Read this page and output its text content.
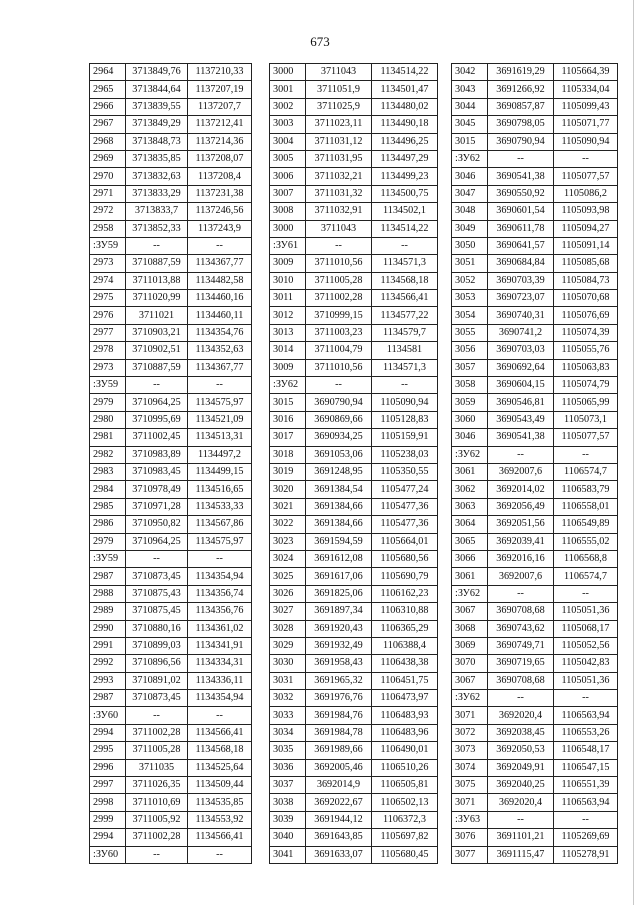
673
2964	3713849,76	1137210,33
2965	3713844,64	1137207,19
2966	3713839,55	1137207,7
2967	3713849,29	1137212,41
2968	3713848,73	1137214,36
2969	3713835,85	1137208,07
2970	3713832,63	1137208,4
2971	3713833,29	1137231,38
2972	3713833,7	1137246,56
2958	3713852,33	1137243,9
:ЗУ59	--	--
2973	3710887,59	1134367,77
2974	3711013,88	1134482,58
2975	3711020,99	1134460,16
2976	3711021	1134460,11
2977	3710903,21	1134354,76
2978	3710902,51	1134352,63
2973	3710887,59	1134367,77
:ЗУ59	--	--
2979	3710964,25	1134575,97
2980	3710995,69	1134521,09
2981	3711002,45	1134513,31
2982	3710983,89	1134497,2
2983	3710983,45	1134499,15
2984	3710978,49	1134516,65
2985	3710971,28	1134533,33
2986	3710950,82	1134567,86
2979	3710964,25	1134575,97
:ЗУ59	--	--
2987	3710873,45	1134354,94
2988	3710875,43	1134356,74
2989	3710875,45	1134356,76
2990	3710880,16	1134361,02
2991	3710899,03	1134341,91
2992	3710896,56	1134334,31
2993	3710891,02	1134336,11
2987	3710873,45	1134354,94
:ЗУ60	--	--
2994	3711002,28	1134566,41
2995	3711005,28	1134568,18
2996	3711035	1134525,64
2997	3711026,35	1134509,44
2998	3711010,69	1134535,85
2999	3711005,92	1134553,92
2994	3711002,28	1134566,41
:ЗУ60	--	--
3000	3711043	1134514,22
3001	3711051,9	1134501,47
3002	3711025,9	1134480,02
3003	3711023,11	1134490,18
3004	3711031,12	1134496,25
3005	3711031,95	1134497,29
3006	3711032,21	1134499,23
3007	3711031,32	1134500,75
3008	3711032,91	1134502,1
3000	3711043	1134514,22
:ЗУ61	--	--
3009	3711010,56	1134571,3
3010	3711005,28	1134568,18
3011	3711002,28	1134566,41
3012	3710999,15	1134577,22
3013	3711003,23	1134579,7
3014	3711004,79	1134581
3009	3711010,56	1134571,3
:ЗУ62	--	--
3015	3690790,94	1105090,94
3016	3690869,66	1105128,83
3017	3690934,25	1105159,91
3018	3691053,06	1105238,03
3019	3691248,95	1105350,55
3020	3691384,54	1105477,24
3021	3691384,66	1105477,36
3022	3691384,66	1105477,36
3023	3691594,59	1105664,01
3024	3691612,08	1105680,56
3025	3691617,06	1105690,79
3026	3691825,06	1106162,23
3027	3691897,34	1106310,88
3028	3691920,43	1106365,29
3029	3691932,49	1106388,4
3030	3691958,43	1106438,38
3031	3691965,32	1106451,75
3032	3691976,76	1106473,97
3033	3691984,76	1106483,93
3034	3691984,78	1106483,96
3035	3691989,66	1106490,01
3036	3692005,46	1106510,26
3037	3692014,9	1106505,81
3038	3692022,67	1106502,13
3039	3691944,12	1106372,3
3040	3691643,85	1105697,82
3041	3691633,07	1105680,45
3042	3691619,29	1105664,39
3043	3691266,92	1105334,04
3044	3690857,87	1105099,43
3045	3690798,05	1105071,77
3015	3690790,94	1105090,94
:ЗУ62	--	--
3046	3690541,38	1105077,57
3047	3690550,92	1105086,2
3048	3690601,54	1105093,98
3049	3690611,78	1105094,27
3050	3690641,57	1105091,14
3051	3690684,84	1105085,68
3052	3690703,39	1105084,73
3053	3690723,07	1105070,68
3054	3690740,31	1105076,69
3055	3690741,2	1105074,39
3056	3690703,03	1105055,76
3057	3690692,64	1105063,83
3058	3690604,15	1105074,79
3059	3690546,81	1105065,99
3060	3690543,49	1105073,1
3046	3690541,38	1105077,57
:ЗУ62	--	--
3061	3692007,6	1106574,7
3062	3692014,02	1106583,79
3063	3692056,49	1106558,01
3064	3692051,56	1106549,89
3065	3692039,41	1106555,02
3066	3692016,16	1106568,8
3061	3692007,6	1106574,7
:ЗУ62	--	--
3067	3690708,68	1105051,36
3068	3690743,62	1105068,17
3069	3690749,71	1105052,56
3070	3690719,65	1105042,83
3067	3690708,68	1105051,36
:ЗУ62	--	--
3071	3692020,4	1106563,94
3072	3692038,45	1106553,26
3073	3692050,53	1106548,17
3074	3692049,91	1106547,15
3075	3692040,25	1106551,39
3071	3692020,4	1106563,94
:ЗУ63	--	--
3076	3691101,21	1105269,69
3077	3691115,47	1105278,91
